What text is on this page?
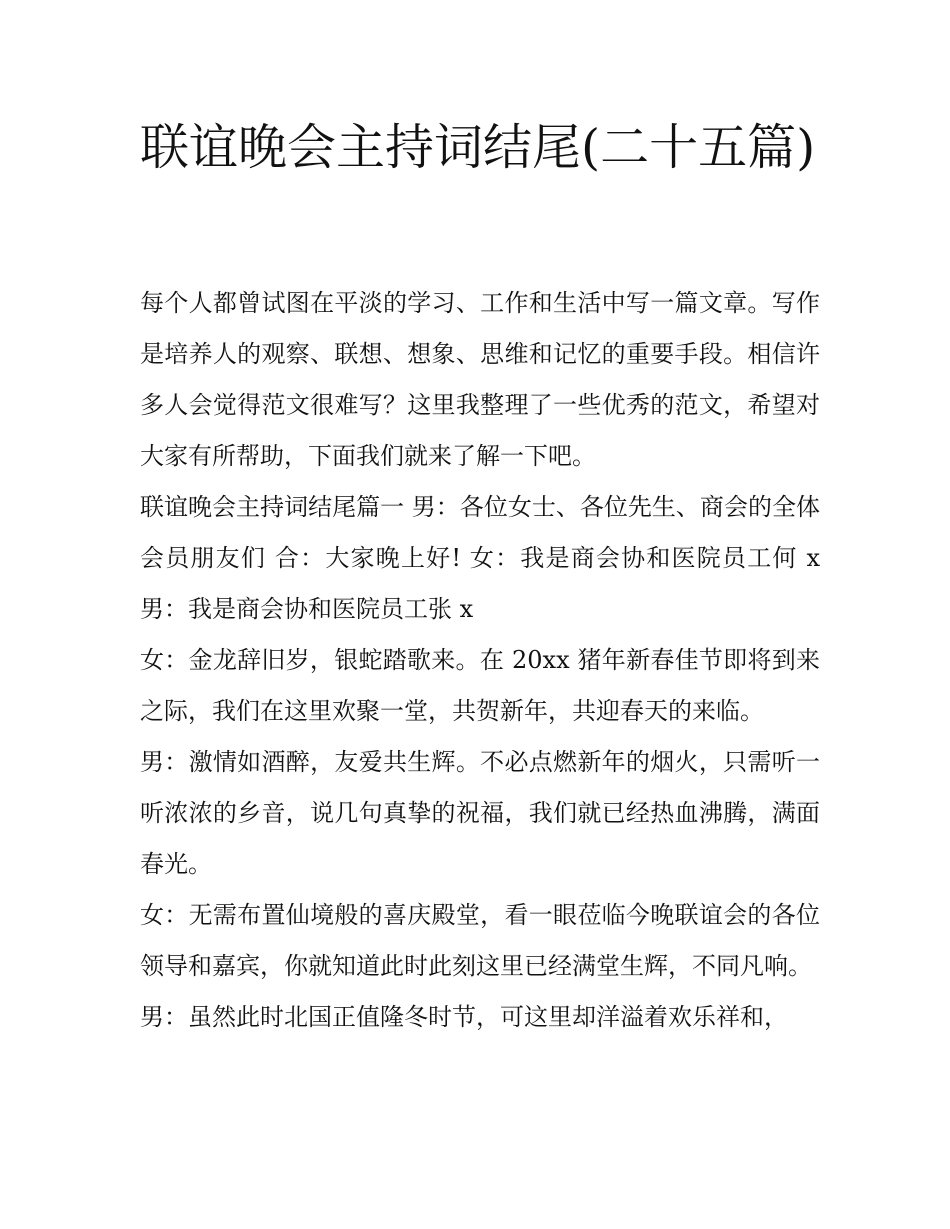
联谊晚会主持词结尾(二十五篇)

每个人都曾试图在平淡的学习、工作和生活中写一篇文章。写作是培养人的观察、联想、想象、思维和记忆的重要手段。相信许多人会觉得范文很难写？这里我整理了一些优秀的范文，希望对大家有所帮助，下面我们就来了解一下吧。

联谊晚会主持词结尾篇一 男：各位女士、各位先生、商会的全体会员朋友们 合：大家晚上好! 女：我是商会协和医院员工何 x 男：我是商会协和医院员工张 x

女：金龙辞旧岁，银蛇踏歌来。在 20xx 猪年新春佳节即将到来之际，我们在这里欢聚一堂，共贺新年，共迎春天的来临。

男：激情如酒醉，友爱共生辉。不必点燃新年的烟火，只需听一听浓浓的乡音，说几句真挚的祝福，我们就已经热血沸腾，满面春光。

女：无需布置仙境般的喜庆殿堂，看一眼莅临今晚联谊会的各位领导和嘉宾，你就知道此时此刻这里已经满堂生辉，不同凡响。

男：虽然此时北国正值隆冬时节，可这里却洋溢着欢乐祥和，
